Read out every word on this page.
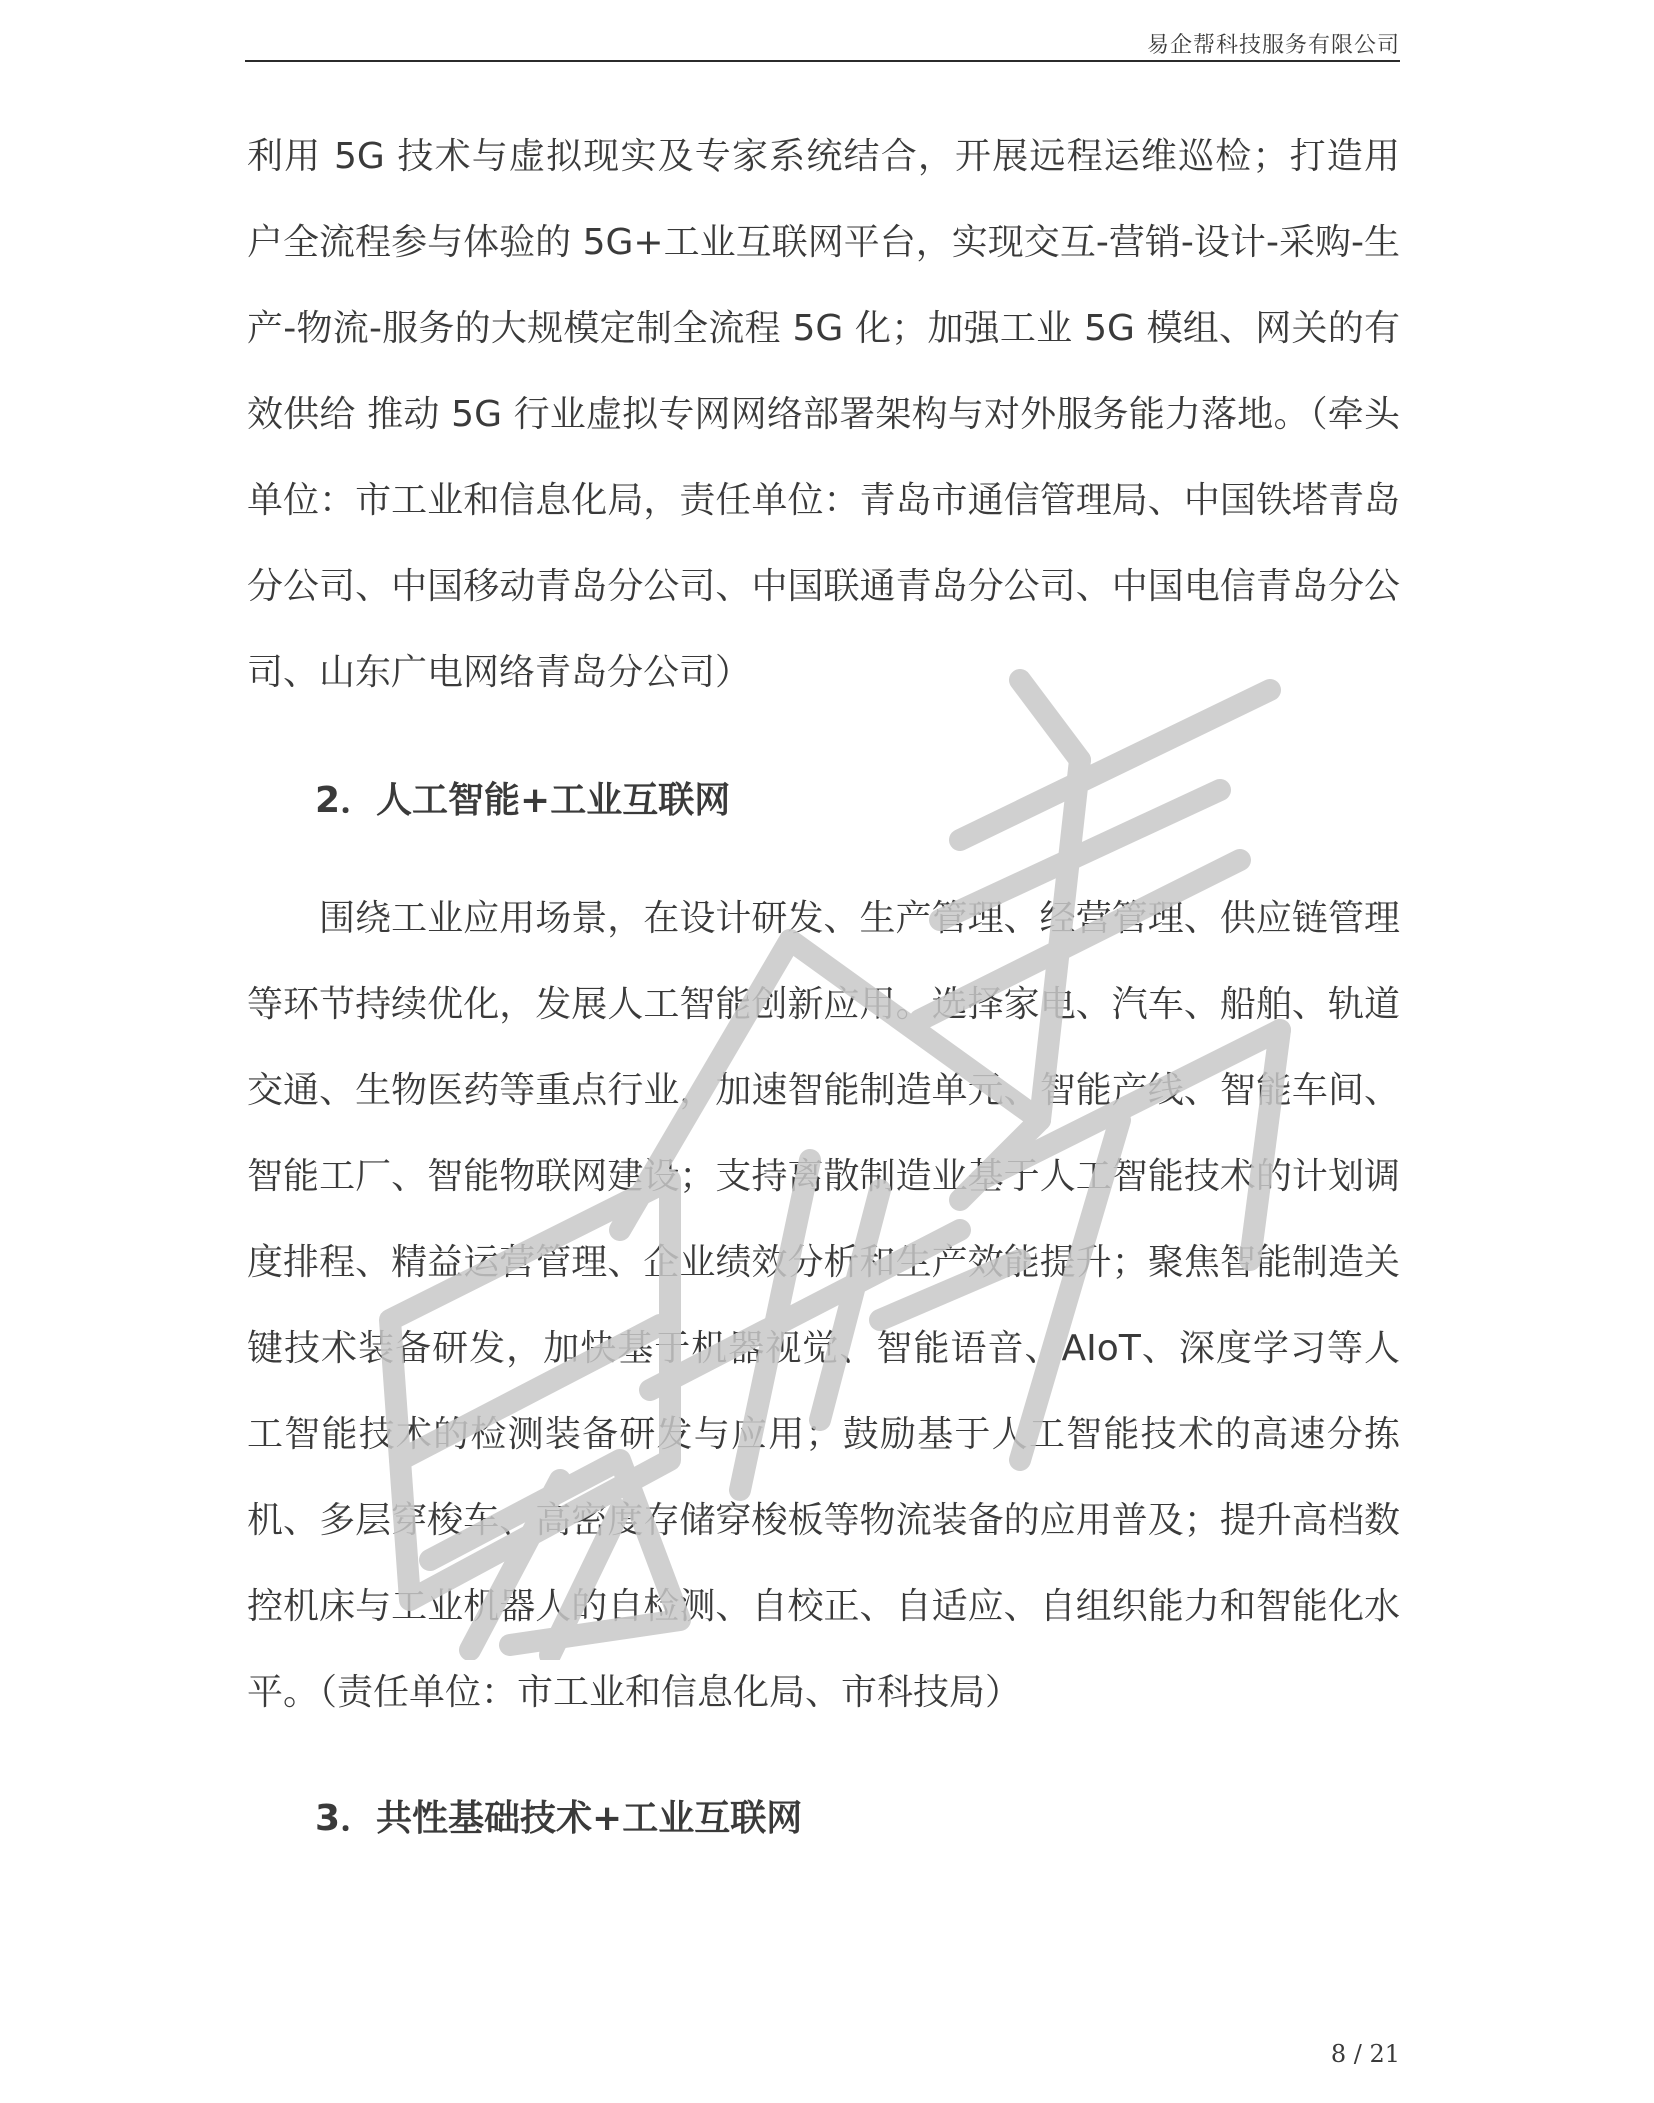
易企帮科技服务有限公司

利用 5G 技术与虚拟现实及专家系统结合，开展远程运维巡检；打造用户全流程参与体验的 5G+工业互联网平台，实现交互-营销-设计-采购-生产-物流-服务的大规模定制全流程 5G 化；加强工业 5G 模组、网关的有效供给 推动 5G 行业虚拟专网网络部署架构与对外服务能力落地。（牵头单位：市工业和信息化局，责任单位：青岛市通信管理局、中国铁塔青岛分公司、中国移动青岛分公司、中国联通青岛分公司、中国电信青岛分公司、山东广电网络青岛分公司）

2．人工智能+工业互联网

围绕工业应用场景，在设计研发、生产管理、经营管理、供应链管理等环节持续优化，发展人工智能创新应用。选择家电、汽车、船舶、轨道交通、生物医药等重点行业，加速智能制造单元、智能产线、智能车间、智能工厂、智能物联网建设；支持离散制造业基于人工智能技术的计划调度排程、精益运营管理、企业绩效分析和生产效能提升；聚焦智能制造关键技术装备研发，加快基于机器视觉、智能语音、AIoT、深度学习等人工智能技术的检测装备研发与应用；鼓励基于人工智能技术的高速分拣机、多层穿梭车、高密度存储穿梭板等物流装备的应用普及；提升高档数控机床与工业机器人的自检测、自校正、自适应、自组织能力和智能化水平。（责任单位：市工业和信息化局、市科技局）

3．共性基础技术+工业互联网
8 / 21
